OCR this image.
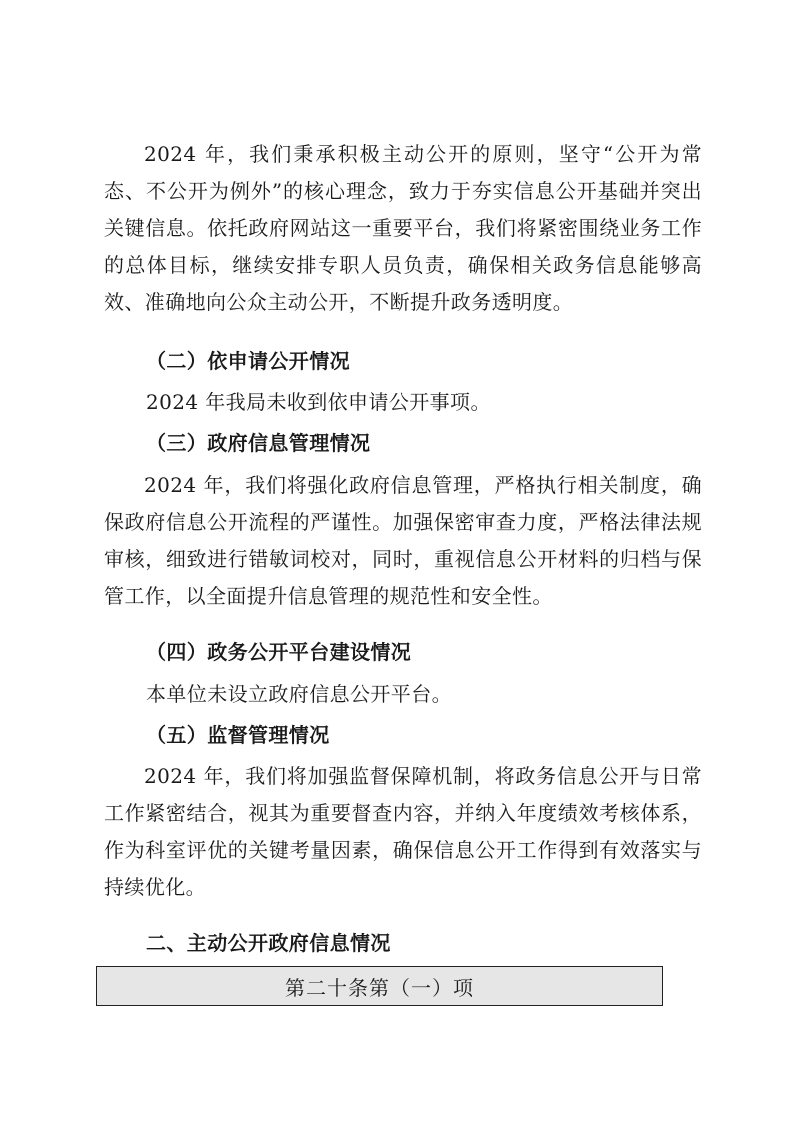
2024 年，我们秉承积极主动公开的原则，坚守“公开为常态、不公开为例外”的核心理念，致力于夯实信息公开基础并突出关键信息。依托政府网站这一重要平台，我们将紧密围绕业务工作的总体目标，继续安排专职人员负责，确保相关政务信息能够高效、准确地向公众主动公开，不断提升政务透明度。

（二）依申请公开情况

2024 年我局未收到依申请公开事项。

（三）政府信息管理情况

2024 年，我们将强化政府信息管理，严格执行相关制度，确保政府信息公开流程的严谨性。加强保密审查力度，严格法律法规审核，细致进行错敏词校对，同时，重视信息公开材料的归档与保管工作，以全面提升信息管理的规范性和安全性。

（四）政务公开平台建设情况

本单位未设立政府信息公开平台。

（五）监督管理情况

2024 年，我们将加强监督保障机制，将政务信息公开与日常工作紧密结合，视其为重要督查内容，并纳入年度绩效考核体系，作为科室评优的关键考量因素，确保信息公开工作得到有效落实与持续优化。

二、主动公开政府信息情况

第二十条第（一）项
